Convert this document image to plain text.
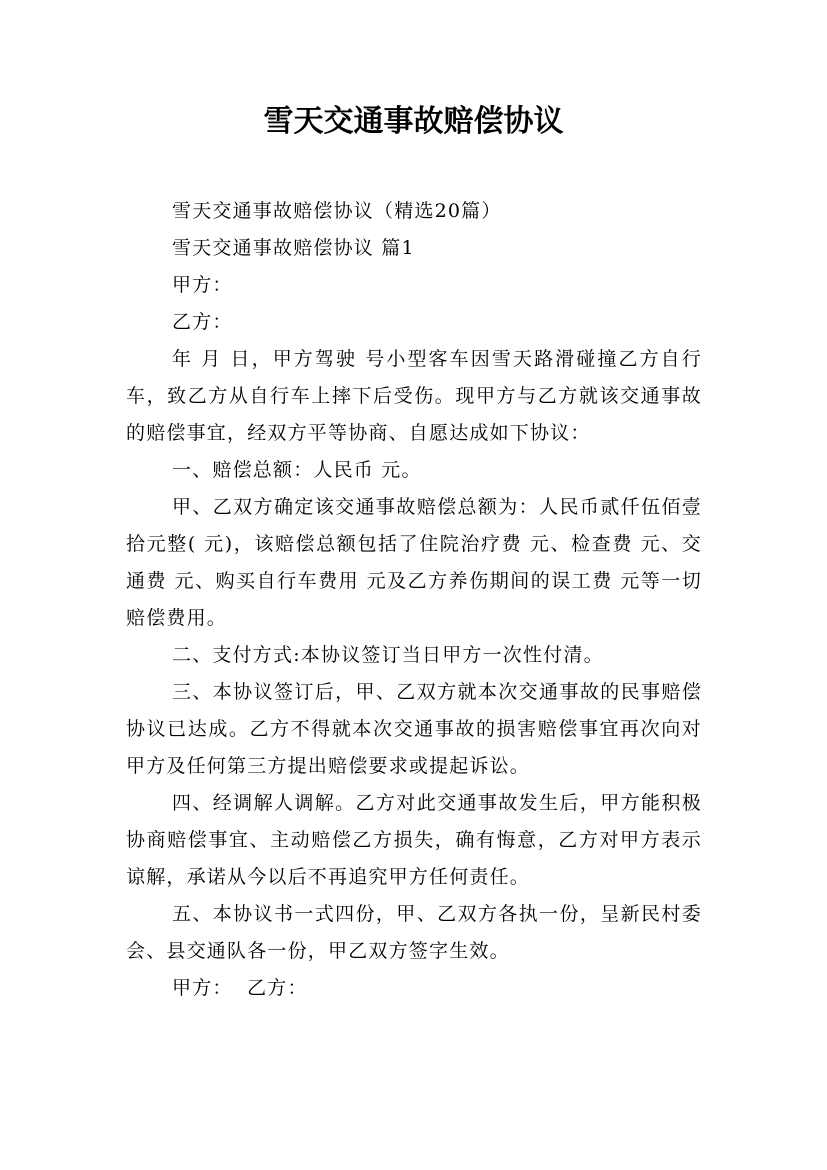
雪天交通事故赔偿协议

雪天交通事故赔偿协议（精选20篇）

雪天交通事故赔偿协议 篇1

甲方：

乙方：

年 月 日，甲方驾驶 号小型客车因雪天路滑碰撞乙方自行车，致乙方从自行车上摔下后受伤。现甲方与乙方就该交通事故的赔偿事宜，经双方平等协商、自愿达成如下协议：

一、赔偿总额：人民币 元。

甲、乙双方确定该交通事故赔偿总额为：人民币贰仟伍佰壹拾元整( 元)，该赔偿总额包括了住院治疗费 元、检查费 元、交通费 元、购买自行车费用 元及乙方养伤期间的误工费 元等一切赔偿费用。

二、支付方式:本协议签订当日甲方一次性付清。

三、本协议签订后，甲、乙双方就本次交通事故的民事赔偿协议已达成。乙方不得就本次交通事故的损害赔偿事宜再次向对甲方及任何第三方提出赔偿要求或提起诉讼。

四、经调解人调解。乙方对此交通事故发生后，甲方能积极协商赔偿事宜、主动赔偿乙方损失，确有悔意，乙方对甲方表示谅解，承诺从今以后不再追究甲方任何责任。

五、本协议书一式四份，甲、乙双方各执一份，呈新民村委会、县交通队各一份，甲乙双方签字生效。

甲方：  乙方：
